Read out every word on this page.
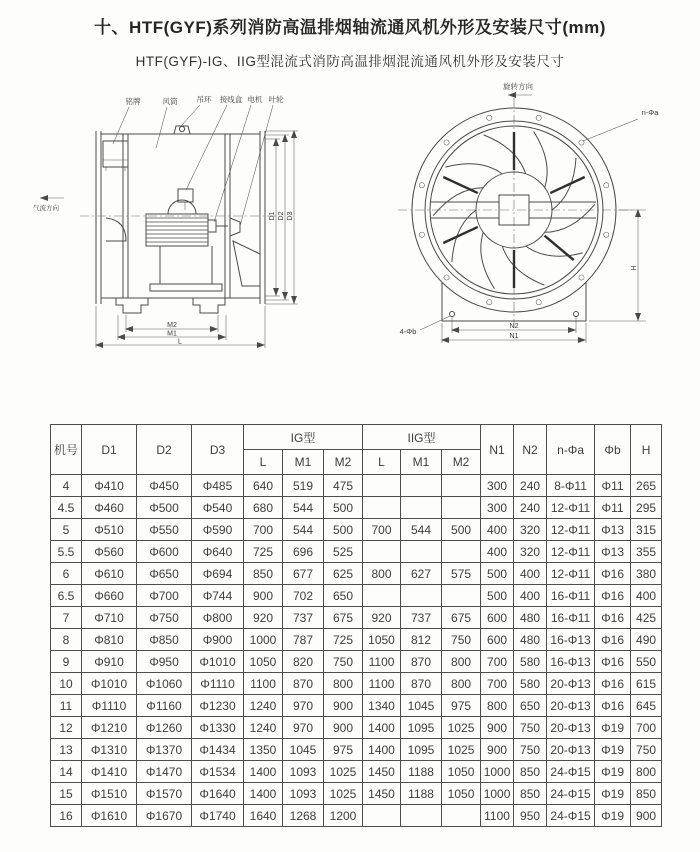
十、HTF(GYF)系列消防高温排烟轴流通风机外形及安装尺寸(mm)
HTF(GYF)-IG、IIG型混流式消防高温排烟混流通风机外形及安装尺寸
铭牌	风筒	吊环 接线盒 电机 叶轮
气流方向
M2
M1
L
D1 D2 D3
旋转方向
n-Φa
4-Φb
N2
N1
H
机号	D1	D2	D3	IG型			IIG型			N1	N2	n-Φa	Φb	H
				L	M1	M2	L	M1	M2					
4	Φ410	Φ450	Φ485	640	519	475				300	240	8-Φ11	Φ11	265
4.5	Φ460	Φ500	Φ540	680	544	500				300	240	12-Φ11	Φ11	295
5	Φ510	Φ550	Φ590	700	544	500	700	544	500	400	320	12-Φ11	Φ13	315
5.5	Φ560	Φ600	Φ640	725	696	525				400	320	12-Φ11	Φ13	355
6	Φ610	Φ650	Φ694	850	677	625	800	627	575	500	400	12-Φ11	Φ16	380
6.5	Φ660	Φ700	Φ744	900	702	650				500	400	16-Φ11	Φ16	400
7	Φ710	Φ750	Φ800	920	737	675	920	737	675	600	480	16-Φ11	Φ16	425
8	Φ810	Φ850	Φ900	1000	787	725	1050	812	750	600	480	16-Φ13	Φ16	490
9	Φ910	Φ950	Φ1010	1050	820	750	1100	870	800	700	580	16-Φ13	Φ16	550
10	Φ1010	Φ1060	Φ1110	1100	870	800	1100	870	800	700	580	20-Φ13	Φ16	615
11	Φ1110	Φ1160	Φ1230	1240	970	900	1340	1045	975	800	650	20-Φ13	Φ16	645
12	Φ1210	Φ1260	Φ1330	1240	970	900	1400	1095	1025	900	750	20-Φ13	Φ19	700
13	Φ1310	Φ1370	Φ1434	1350	1045	975	1400	1095	1025	900	750	20-Φ13	Φ19	750
14	Φ1410	Φ1470	Φ1534	1400	1093	1025	1450	1188	1050	1000	850	24-Φ15	Φ19	800
15	Φ1510	Φ1570	Φ1640	1400	1093	1025	1450	1188	1050	1000	850	24-Φ15	Φ19	850
16	Φ1610	Φ1670	Φ1740	1640	1268	1200				1100	950	24-Φ15	Φ19	900
